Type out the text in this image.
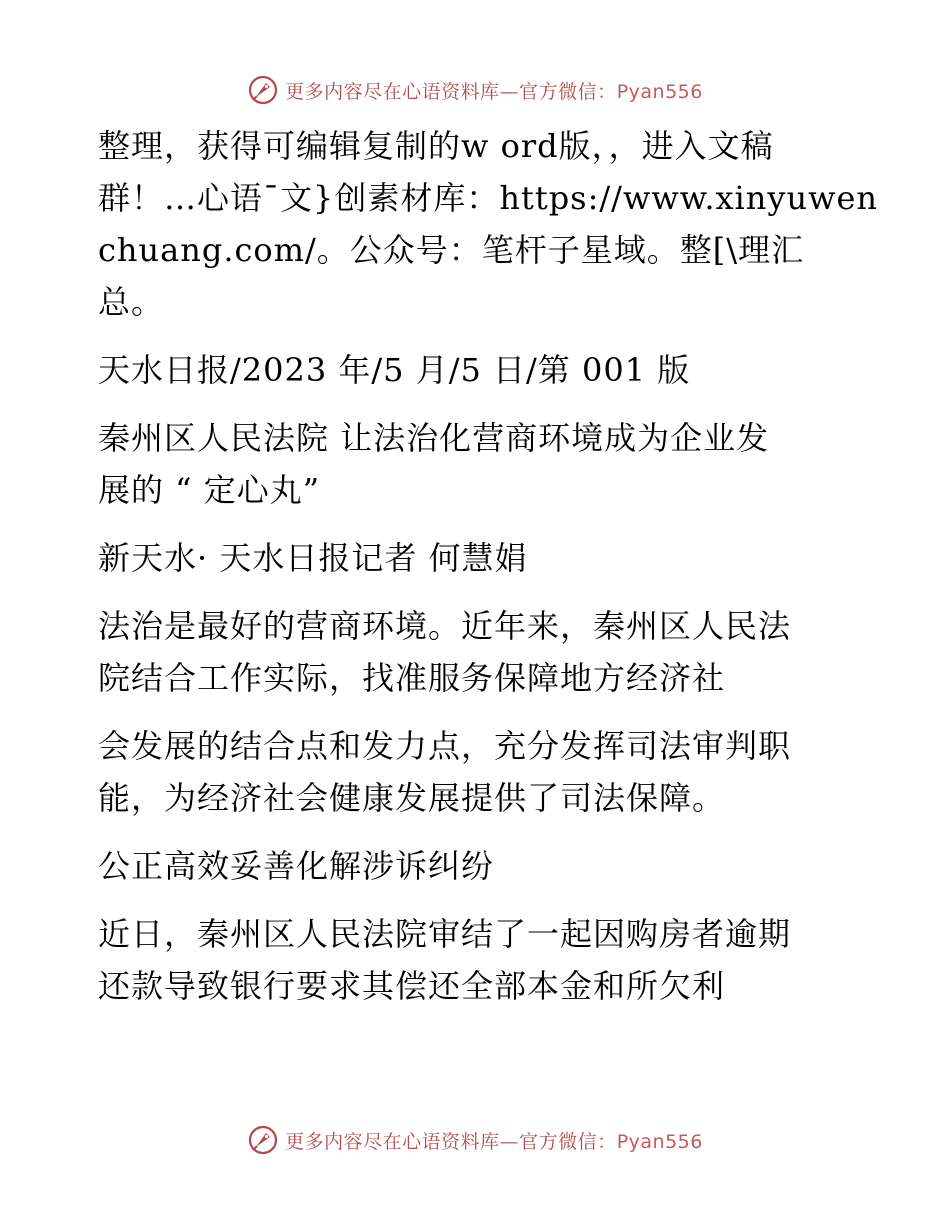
更多内容尽在心语资料库—官方微信：Pyan556
整理，获得可编辑复制的w ord版，，进入文稿
群！…心语¯文}创素材库：https://www.xinyuwen
chuang.com/。公众号：笔杆子星域。整[\理汇
总。
天水日报/2023 年/5 月/5 日/第 001 版
秦州区人民法院 让法治化营商环境成为企业发
展的 “ 定心丸”
新天水· 天水日报记者 何慧娟
法治是最好的营商环境。近年来，秦州区人民法
院结合工作实际，找准服务保障地方经济社
会发展的结合点和发力点，充分发挥司法审判职
能，为经济社会健康发展提供了司法保障。
公正高效妥善化解涉诉纠纷
近日，秦州区人民法院审结了一起因购房者逾期
还款导致银行要求其偿还全部本金和所欠利
更多内容尽在心语资料库—官方微信：Pyan556
